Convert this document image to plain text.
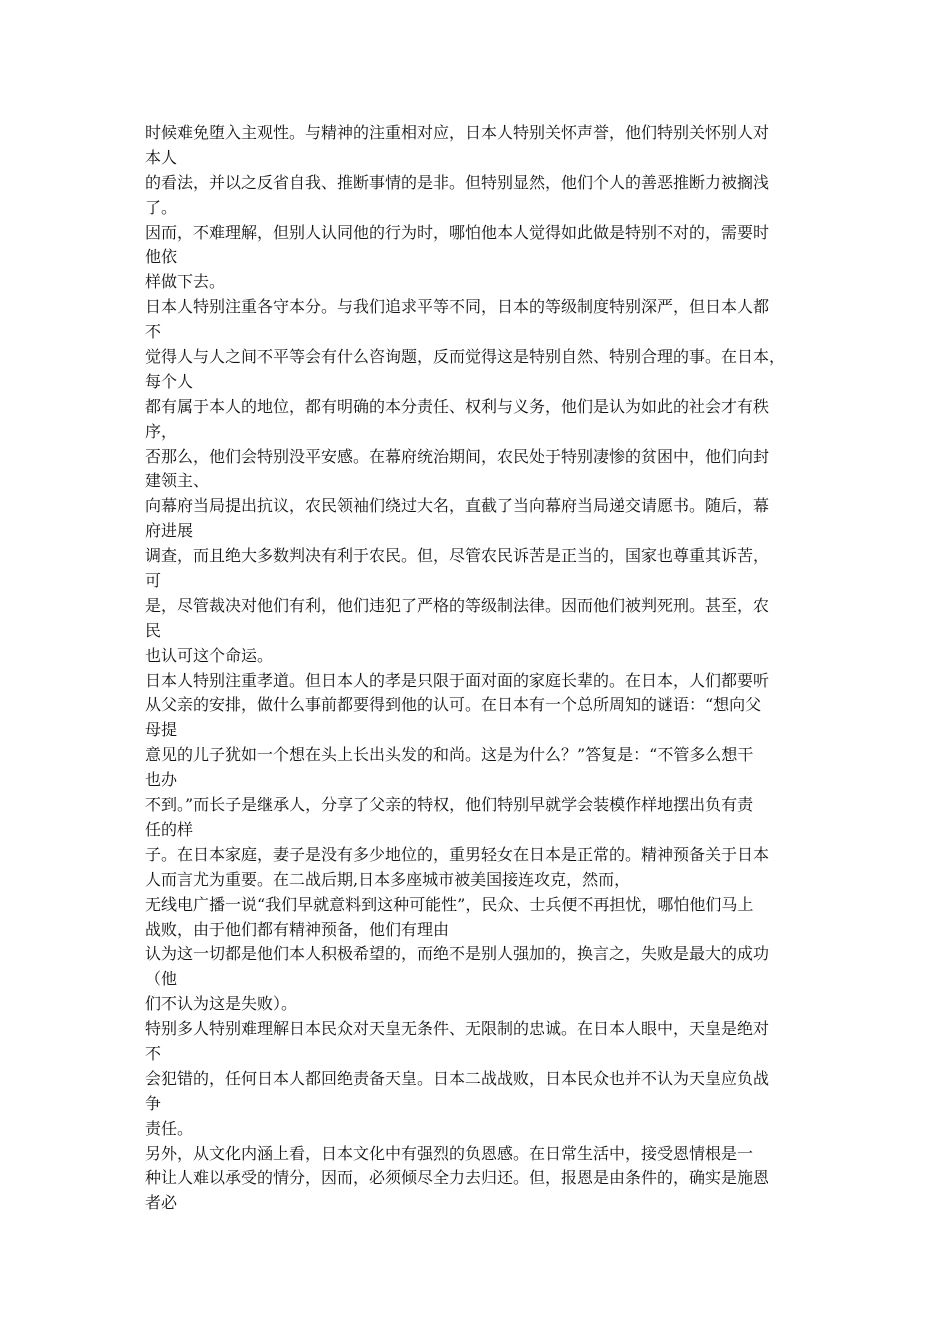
时候难免堕入主观性。与精神的注重相对应，日本人特别关怀声誉，他们特别关怀别人对
本人
的看法，并以之反省自我、推断事情的是非。但特别显然，他们个人的善恶推断力被搁浅
了。
因而，不难理解，但别人认同他的行为时，哪怕他本人觉得如此做是特别不对的，需要时
他依
样做下去。
日本人特别注重各守本分。与我们追求平等不同，日本的等级制度特别深严，但日本人都
不
觉得人与人之间不平等会有什么咨询题，反而觉得这是特别自然、特别合理的事。在日本，
每个人
都有属于本人的地位，都有明确的本分责任、权利与义务，他们是认为如此的社会才有秩
序，
否那么，他们会特别没平安感。在幕府统治期间，农民处于特别凄惨的贫困中，他们向封
建领主、
向幕府当局提出抗议，农民领袖们绕过大名，直截了当向幕府当局递交请愿书。随后，幕
府进展
调查，而且绝大多数判决有利于农民。但，尽管农民诉苦是正当的，国家也尊重其诉苦，
可
是，尽管裁决对他们有利，他们违犯了严格的等级制法律。因而他们被判死刑。甚至，农
民
也认可这个命运。
日本人特别注重孝道。但日本人的孝是只限于面对面的家庭长辈的。在日本，人们都要听
从父亲的安排，做什么事前都要得到他的认可。在日本有一个总所周知的谜语：“想向父
母提
意见的儿子犹如一个想在头上长出头发的和尚。这是为什么？”答复是：“不管多么想干
也办
不到。”而长子是继承人，分享了父亲的特权，他们特别早就学会装模作样地摆出负有责
任的样
子。在日本家庭，妻子是没有多少地位的，重男轻女在日本是正常的。精神预备关于日本
人而言尤为重要。在二战后期,日本多座城市被美国接连攻克，然而，
无线电广播一说“我们早就意料到这种可能性”，民众、士兵便不再担忧，哪怕他们马上
战败，由于他们都有精神预备，他们有理由
认为这一切都是他们本人积极希望的，而绝不是别人强加的，换言之，失败是最大的成功
（他
们不认为这是失败）。
特别多人特别难理解日本民众对天皇无条件、无限制的忠诚。在日本人眼中，天皇是绝对
不
会犯错的，任何日本人都回绝责备天皇。日本二战战败，日本民众也并不认为天皇应负战
争
责任。
另外，从文化内涵上看，日本文化中有强烈的负恩感。在日常生活中，接受恩情根是一
种让人难以承受的情分，因而，必须倾尽全力去归还。但，报恩是由条件的，确实是施恩
者必
